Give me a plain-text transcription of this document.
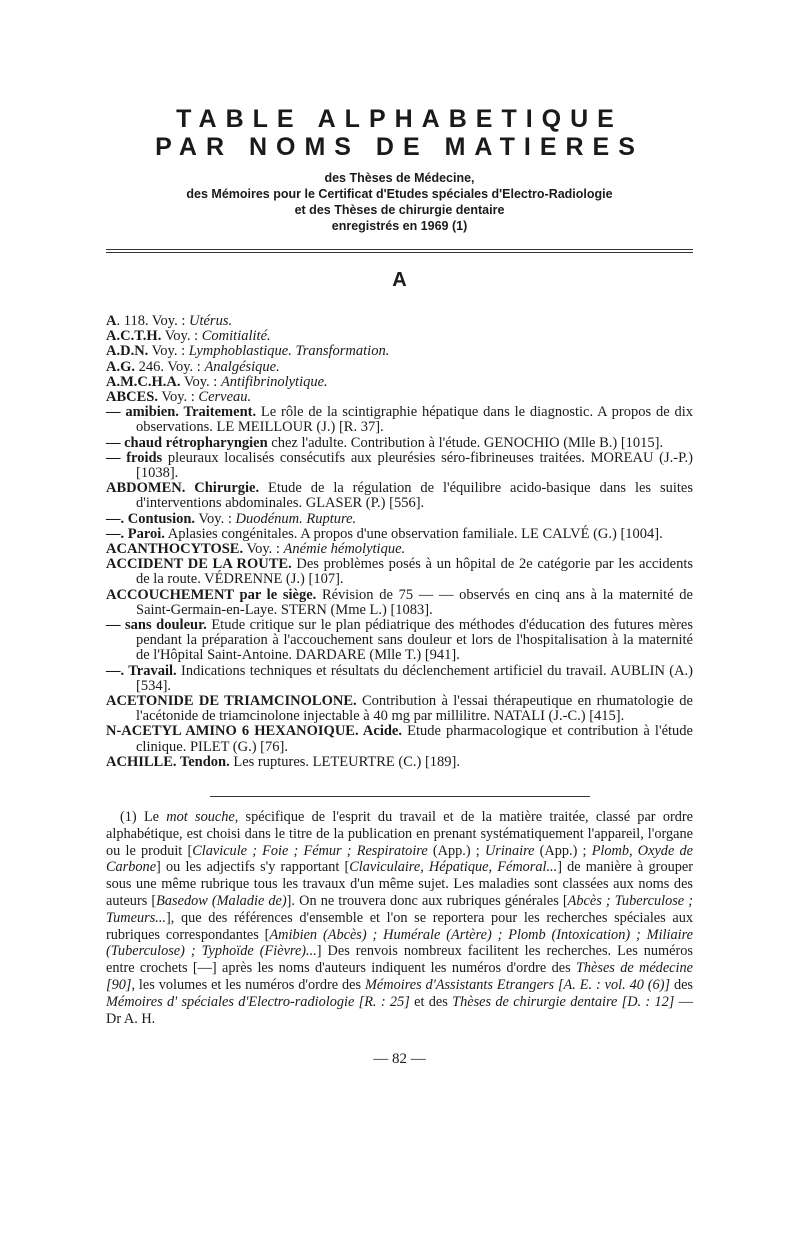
TABLE ALPHABETIQUE
PAR NOMS DE MATIERES
des Thèses de Médecine,
des Mémoires pour le Certificat d'Etudes spéciales d'Electro-Radiologie
et des Thèses de chirurgie dentaire
enregistrés en 1969 (1)
A

A. 118. Voy. : Utérus.

A.C.T.H. Voy. : Comitialité.

A.D.N. Voy. : Lymphoblastique. Transformation.

A.G. 246. Voy. : Analgésique.

A.M.C.H.A. Voy. : Antifibrinolytique.

ABCES. Voy. : Cerveau.

— amibien. Traitement. Le rôle de la scintigraphie hépatique dans le diagnostic. A propos de dix observations. LE MEILLOUR (J.) [R. 37].

— chaud rétropharyngien chez l'adulte. Contribution à l'étude. GENOCHIO (Mlle B.) [1015].

— froids pleuraux localisés consécutifs aux pleurésies séro-fibrineuses traitées. MOREAU (J.-P.) [1038].

ABDOMEN. Chirurgie. Etude de la régulation de l'équilibre acido-basique dans les suites d'interventions abdominales. GLASER (P.) [556].

—. Contusion. Voy. : Duodénum. Rupture.

—. Paroi. Aplasies congénitales. A propos d'une observation familiale. LE CALVÉ (G.) [1004].

ACANTHOCYTOSE. Voy. : Anémie hémolytique.

ACCIDENT DE LA ROUTE. Des problèmes posés à un hôpital de 2e catégorie par les accidents de la route. VÉDRENNE (J.) [107].

ACCOUCHEMENT par le siège. Révision de 75 — — observés en cinq ans à la maternité de Saint-Germain-en-Laye. STERN (Mme L.) [1083].

— sans douleur. Etude critique sur le plan pédiatrique des méthodes d'éducation des futures mères pendant la préparation à l'accouchement sans douleur et lors de l'hospitalisation à la maternité de l'Hôpital Saint-Antoine. DARDARE (Mlle T.) [941].

—. Travail. Indications techniques et résultats du déclenchement artificiel du travail. AUBLIN (A.) [534].

ACETONIDE DE TRIAMCINOLONE. Contribution à l'essai thérapeutique en rhumatologie de l'acétonide de triamcinolone injectable à 40 mg par millilitre. NATALI (J.-C.) [415].

N-ACETYL AMINO 6 HEXANOIQUE. Acide. Etude pharmacologique et contribution à l'étude clinique. PILET (G.) [76].

ACHILLE. Tendon. Les ruptures. LETEURTRE (C.) [189].

(1) Le mot souche, spécifique de l'esprit du travail et de la matière traitée, classé par ordre alphabétique, est choisi dans le titre de la publication en prenant systématiquement l'appareil, l'organe ou le produit [Clavicule ; Foie ; Fémur ; Respiratoire (App.) ; Urinaire (App.) ; Plomb, Oxyde de Carbone] ou les adjectifs s'y rapportant [Claviculaire, Hépatique, Fémoral...] de manière à grouper sous une même rubrique tous les travaux d'un même sujet. Les maladies sont classées aux noms des auteurs [Basedow (Maladie de)]. On ne trouvera donc aux rubriques générales [Abcès ; Tuberculose ; Tumeurs...], que des références d'ensemble et l'on se reportera pour les recherches spéciales aux rubriques correspondantes [Amibien (Abcès) ; Humérale (Artère) ; Plomb (Intoxication) ; Miliaire (Tuberculose) ; Typhoïde (Fièvre)...] Des renvois nombreux facilitent les recherches. Les numéros entre crochets [—] après les noms d'auteurs indiquent les numéros d'ordre des Thèses de médecine [90], les volumes et les numéros d'ordre des Mémoires d'Assistants Etrangers [A. E. : vol. 40 (6)] des Mémoires d' spéciales d'Electro-radiologie [R. : 25] et des Thèses de chirurgie dentaire [D. : 12] — Dr A. H.
— 82 —
